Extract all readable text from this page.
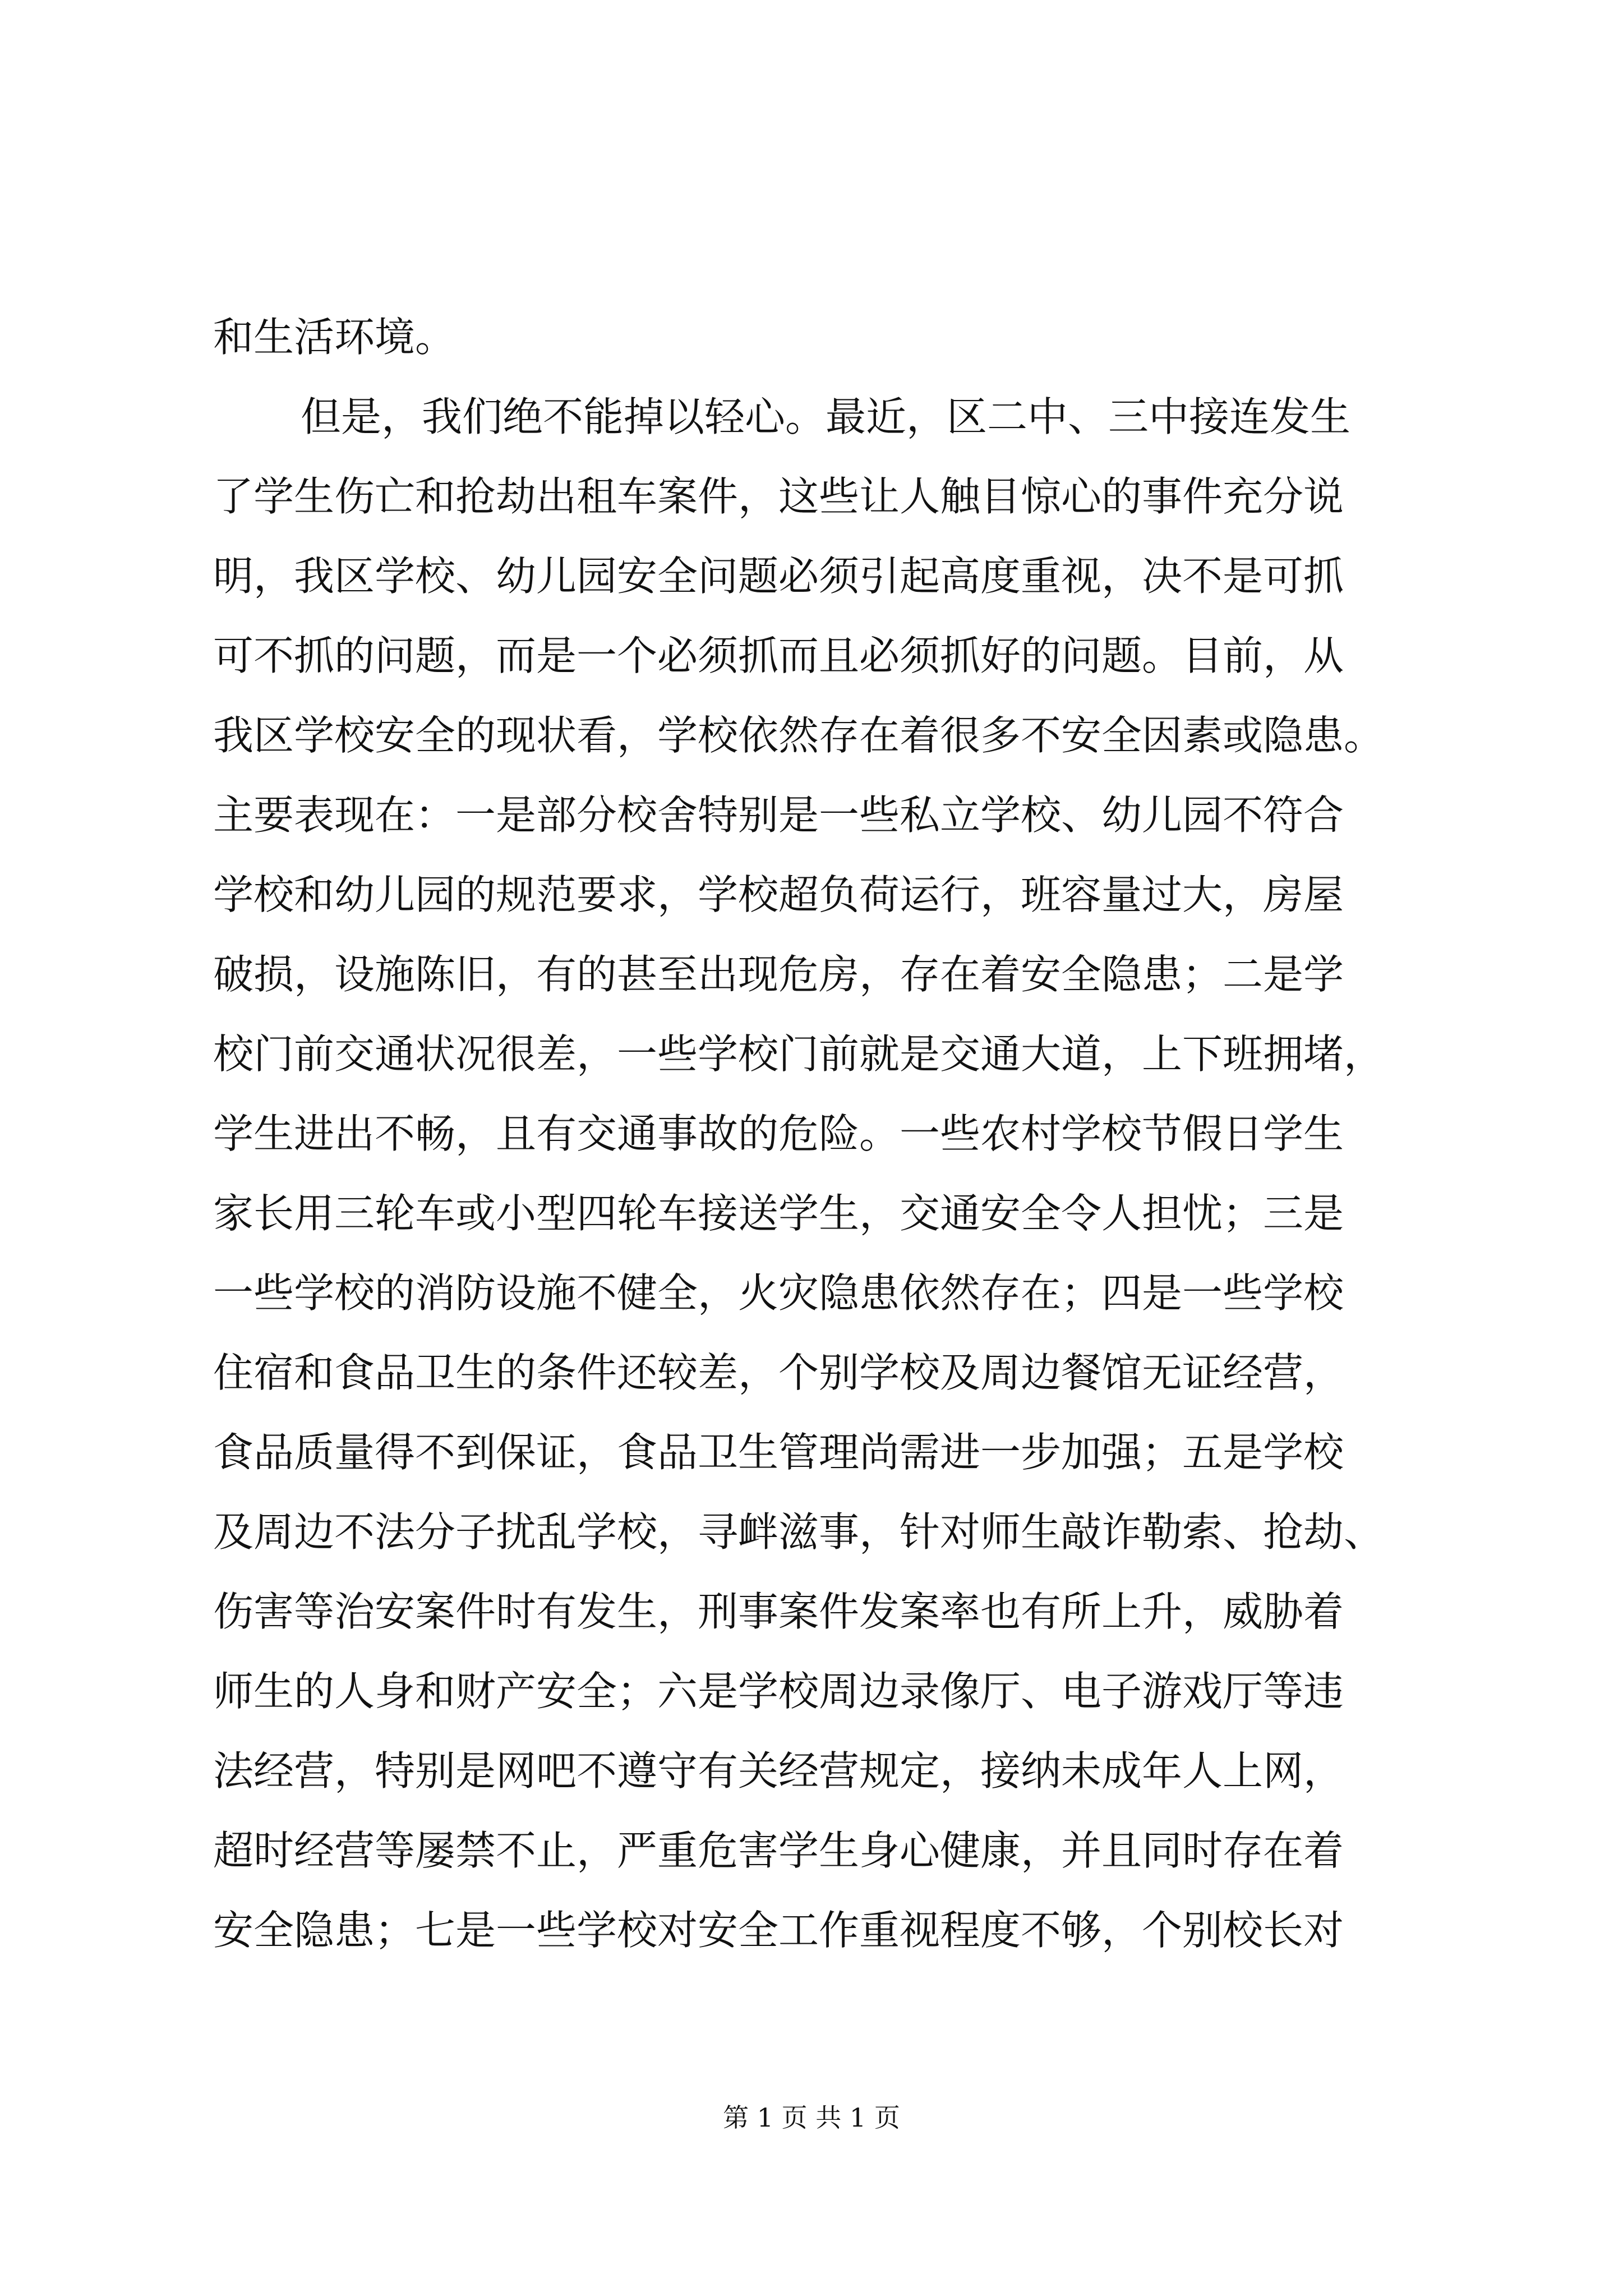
和生活环境。
但是，我们绝不能掉以轻心。最近，区二中、三中接连发生
了学生伤亡和抢劫出租车案件，这些让人触目惊心的事件充分说
明，我区学校、幼儿园安全问题必须引起高度重视，决不是可抓
可不抓的问题，而是一个必须抓而且必须抓好的问题。目前，从
我区学校安全的现状看，学校依然存在着很多不安全因素或隐患。
主要表现在：一是部分校舍特别是一些私立学校、幼儿园不符合
学校和幼儿园的规范要求，学校超负荷运行，班容量过大，房屋
破损，设施陈旧，有的甚至出现危房，存在着安全隐患；二是学
校门前交通状况很差，一些学校门前就是交通大道，上下班拥堵，
学生进出不畅，且有交通事故的危险。一些农村学校节假日学生
家长用三轮车或小型四轮车接送学生，交通安全令人担忧；三是
一些学校的消防设施不健全，火灾隐患依然存在；四是一些学校
住宿和食品卫生的条件还较差，个别学校及周边餐馆无证经营，
食品质量得不到保证，食品卫生管理尚需进一步加强；五是学校
及周边不法分子扰乱学校，寻衅滋事，针对师生敲诈勒索、抢劫、
伤害等治安案件时有发生，刑事案件发案率也有所上升，威胁着
师生的人身和财产安全；六是学校周边录像厅、电子游戏厅等违
法经营，特别是网吧不遵守有关经营规定，接纳未成年人上网，
超时经营等屡禁不止，严重危害学生身心健康，并且同时存在着
安全隐患；七是一些学校对安全工作重视程度不够，个别校长对
第 1 页 共 1 页
